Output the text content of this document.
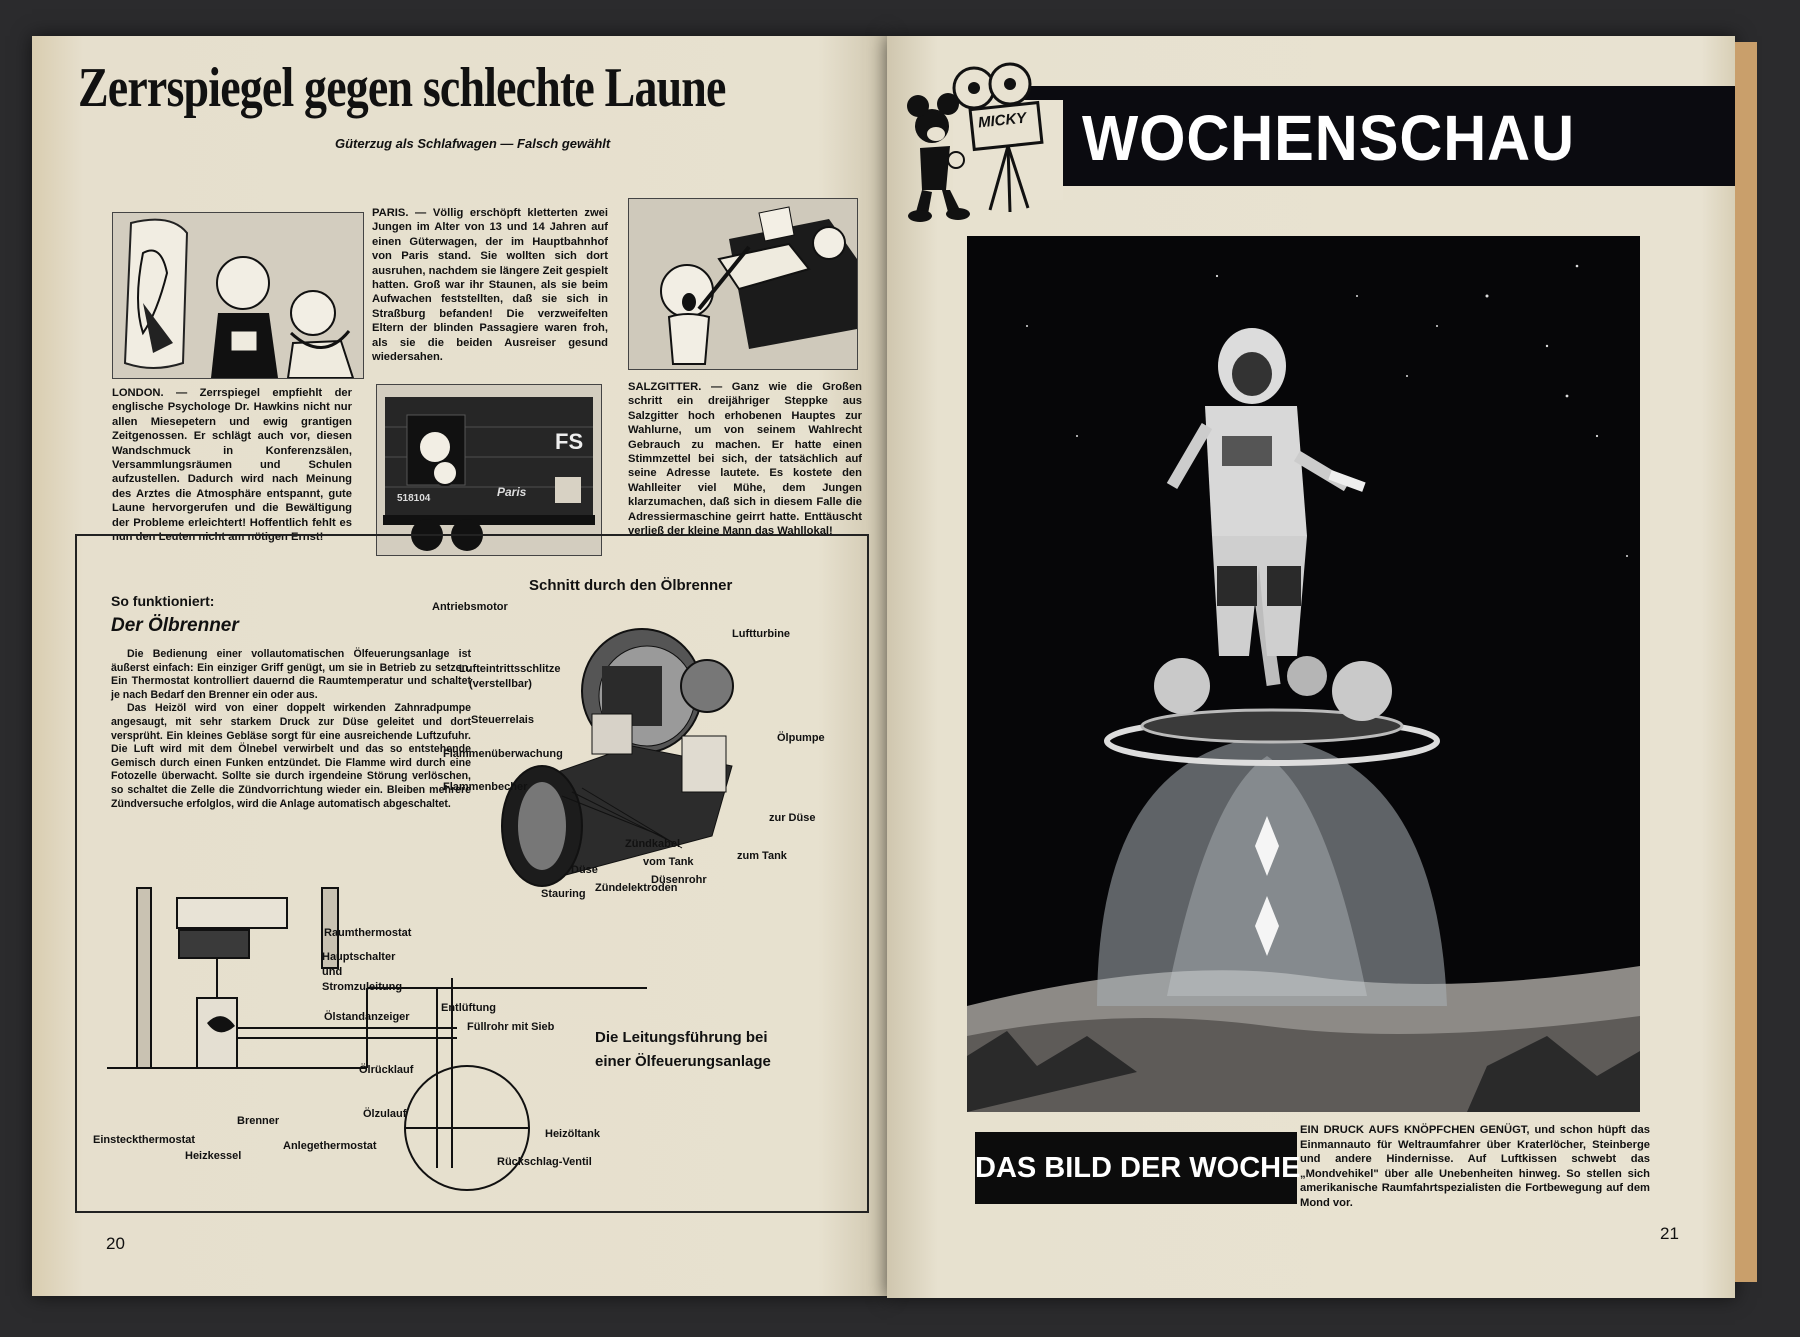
Zerrspiegel gegen schlechte Laune
Güterzug als Schlafwagen — Falsch gewählt

PARIS. — Völlig erschöpft kletterten zwei Jungen im Alter von 13 und 14 Jahren auf einen Güterwagen, der im Hauptbahnhof von Paris stand. Sie wollten sich dort ausruhen, nachdem sie längere Zeit gespielt hatten. Groß war ihr Staunen, als sie beim Aufwachen feststellten, daß sie sich in Straßburg befanden! Die verzweifelten Eltern der blinden Passagiere waren froh, als sie die beiden Ausreiser gesund wiedersahen.

LONDON. — Zerrspiegel empfiehlt der englische Psychologe Dr. Hawkins nicht nur allen Miesepetern und ewig grantigen Zeitgenossen. Er schlägt auch vor, diesen Wandschmuck in Konferenzsälen, Versammlungsräumen und Schulen aufzustellen. Dadurch wird nach Meinung des Arztes die Atmosphäre entspannt, gute Laune hervorgerufen und die Bewältigung der Probleme erleichtert! Hoffentlich fehlt es nun den Leuten nicht am nötigen Ernst!

518104
FS
Paris

SALZGITTER. — Ganz wie die Großen schritt ein dreijähriger Steppke aus Salzgitter hoch erhobenen Hauptes zur Wahlurne, um von seinem Wahlrecht Gebrauch zu machen. Er hatte einen Stimmzettel bei sich, der tatsächlich auf seine Adresse lautete. Es kostete den Wahlleiter viel Mühe, dem Jungen klarzumachen, daß sich in diesem Falle die Adressiermaschine geirrt hatte. Enttäuscht verließ der kleine Mann das Wahllokal!

So funktioniert:
Der Ölbrenner

Die Bedienung einer vollautomatischen Ölfeuerungsanlage ist äußerst einfach: Ein einziger Griff genügt, um sie in Betrieb zu setzen. Ein Thermostat kontrolliert dauernd die Raumtemperatur und schaltet je nach Bedarf den Brenner ein oder aus.

Das Heizöl wird von einer doppelt wirkenden Zahnradpumpe angesaugt, mit sehr starkem Druck zur Düse geleitet und dort versprüht. Ein kleines Gebläse sorgt für eine ausreichende Luftzufuhr. Die Luft wird mit dem Ölnebel verwirbelt und das so entstehende Gemisch durch einen Funken entzündet. Die Flamme wird durch eine Fotozelle überwacht. Sollte sie durch irgendeine Störung verlöschen, so schaltet die Zelle die Zündvorrichtung wieder ein. Bleiben mehrere Zündversuche erfolglos, wird die Anlage automatisch abgeschaltet.

Schnitt durch den Ölbrenner
Antriebsmotor
Luftturbine
Lufteintrittsschlitze
(verstellbar)
Steuerrelais
Ölpumpe
Flammenüberwachung
Flammenbecher
zur Düse
Zündkabel
vom Tank	zum Tank
Düse
Düsenrohr
Stauring Zündelektroden
Raumthermostat
Hauptschalter
und
Stromzuleitung
Ölstandanzeiger
Entlüftung
Füllrohr mit Sieb
Ölrücklauf
Ölzulauf
Brenner
Einsteckthermostat
Heizkessel
Anlegethermostat
Heizöltank
Rückschlag-Ventil
Die Leitungsführung bei
einer Ölfeuerungsanlage
20
MICKY WOCHENSCHAU
DAS BILD DER WOCHE
EIN DRUCK AUFS KNÖPFCHEN GENÜGT, und schon hüpft das Einmannauto für Weltraumfahrer über Kraterlöcher, Steinberge und andere Hindernisse. Auf Luftkissen schwebt das „Mondvehikel" über alle Unebenheiten hinweg. So stellen sich amerikanische Raumfahrtspezialisten die Fortbewegung auf dem Mond vor.
21
